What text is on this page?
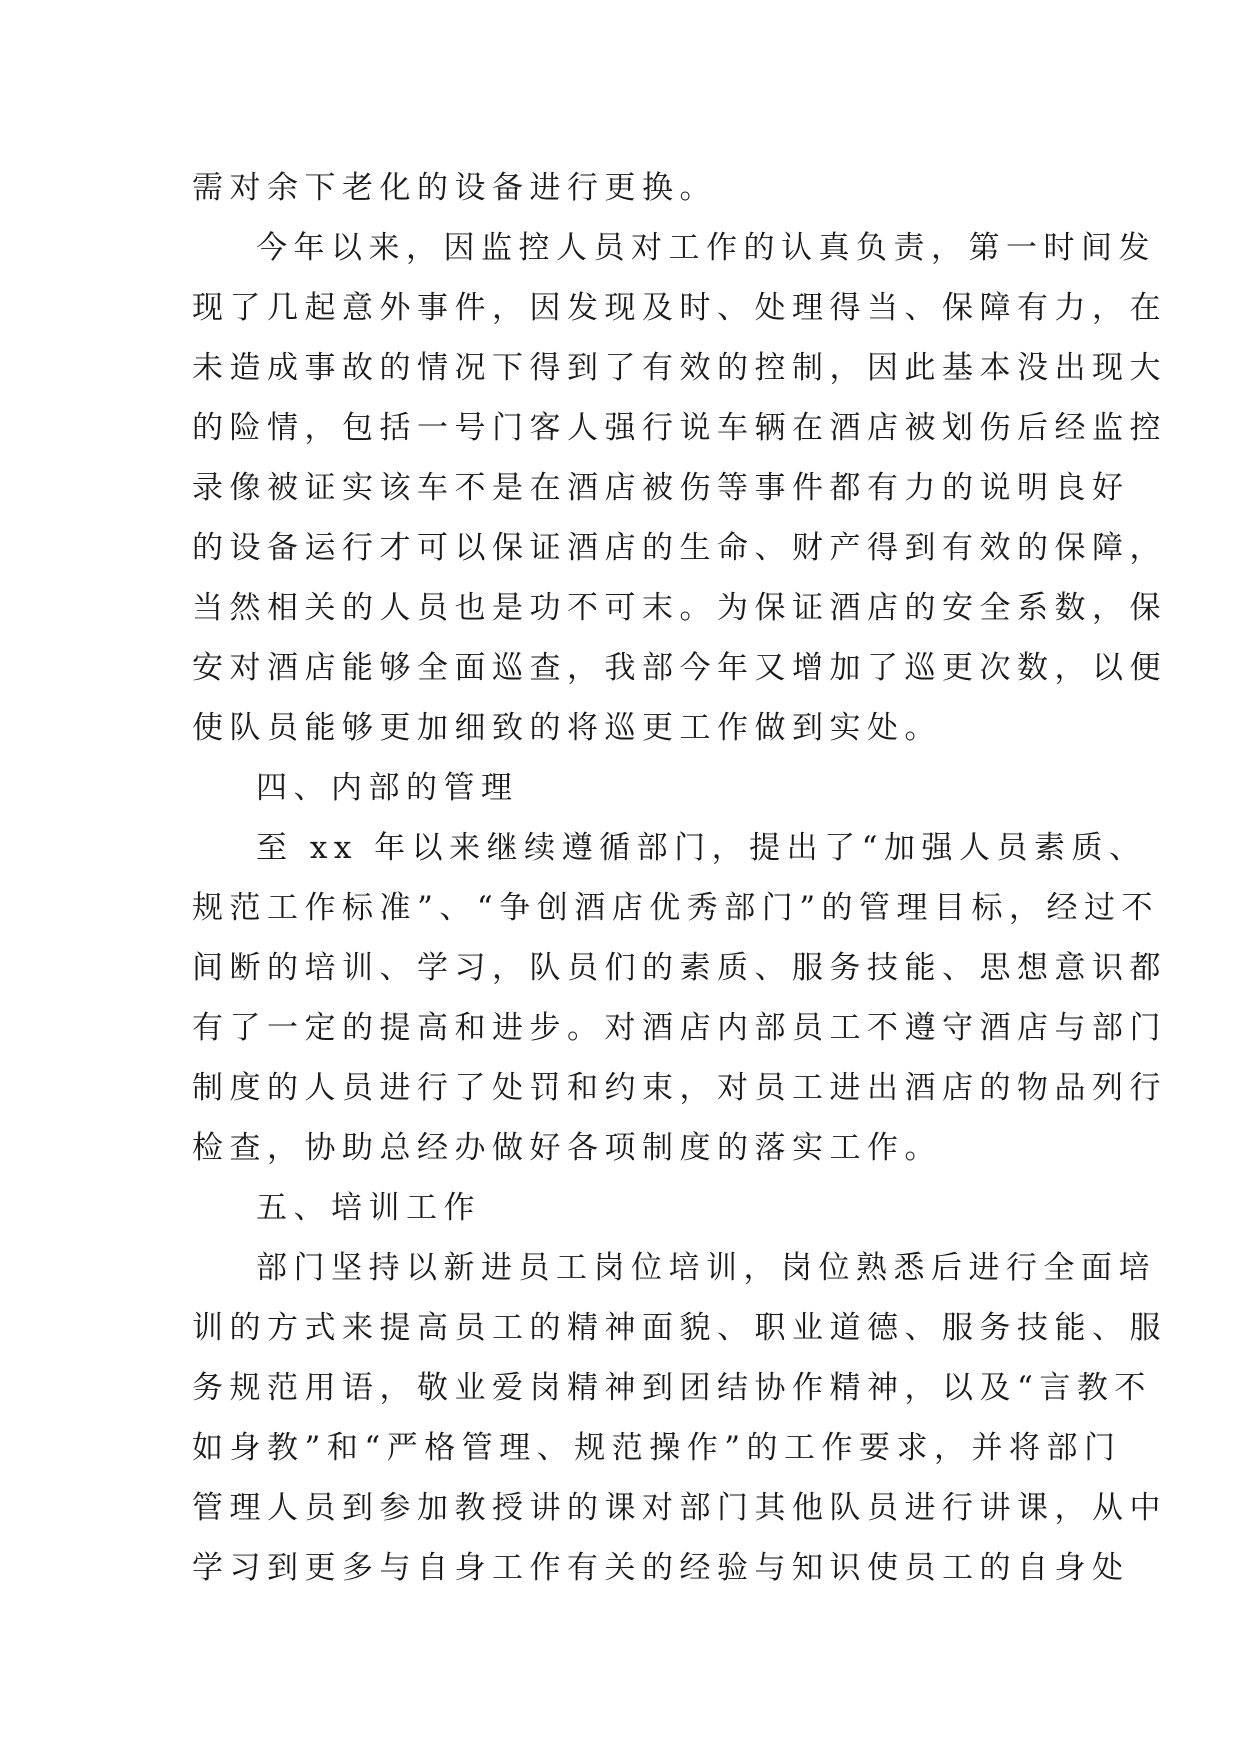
需对余下老化的设备进行更换。
今年以来，因监控人员对工作的认真负责，第一时间发
现了几起意外事件，因发现及时、处理得当、保障有力，在
未造成事故的情况下得到了有效的控制，因此基本没出现大
的险情，包括一号门客人强行说车辆在酒店被划伤后经监控
录像被证实该车不是在酒店被伤等事件都有力的说明良好
的设备运行才可以保证酒店的生命、财产得到有效的保障，
当然相关的人员也是功不可末。为保证酒店的安全系数，保
安对酒店能够全面巡查，我部今年又增加了巡更次数，以便
使队员能够更加细致的将巡更工作做到实处。
四、内部的管理
至 xx 年以来继续遵循部门，提出了“加强人员素质、
规范工作标准”、“争创酒店优秀部门”的管理目标，经过不
间断的培训、学习，队员们的素质、服务技能、思想意识都
有了一定的提高和进步。对酒店内部员工不遵守酒店与部门
制度的人员进行了处罚和约束，对员工进出酒店的物品列行
检查，协助总经办做好各项制度的落实工作。
五、培训工作
部门坚持以新进员工岗位培训，岗位熟悉后进行全面培
训的方式来提高员工的精神面貌、职业道德、服务技能、服
务规范用语，敬业爱岗精神到团结协作精神，以及“言教不
如身教”和“严格管理、规范操作”的工作要求，并将部门
管理人员到参加教授讲的课对部门其他队员进行讲课，从中
学习到更多与自身工作有关的经验与知识使员工的自身处
